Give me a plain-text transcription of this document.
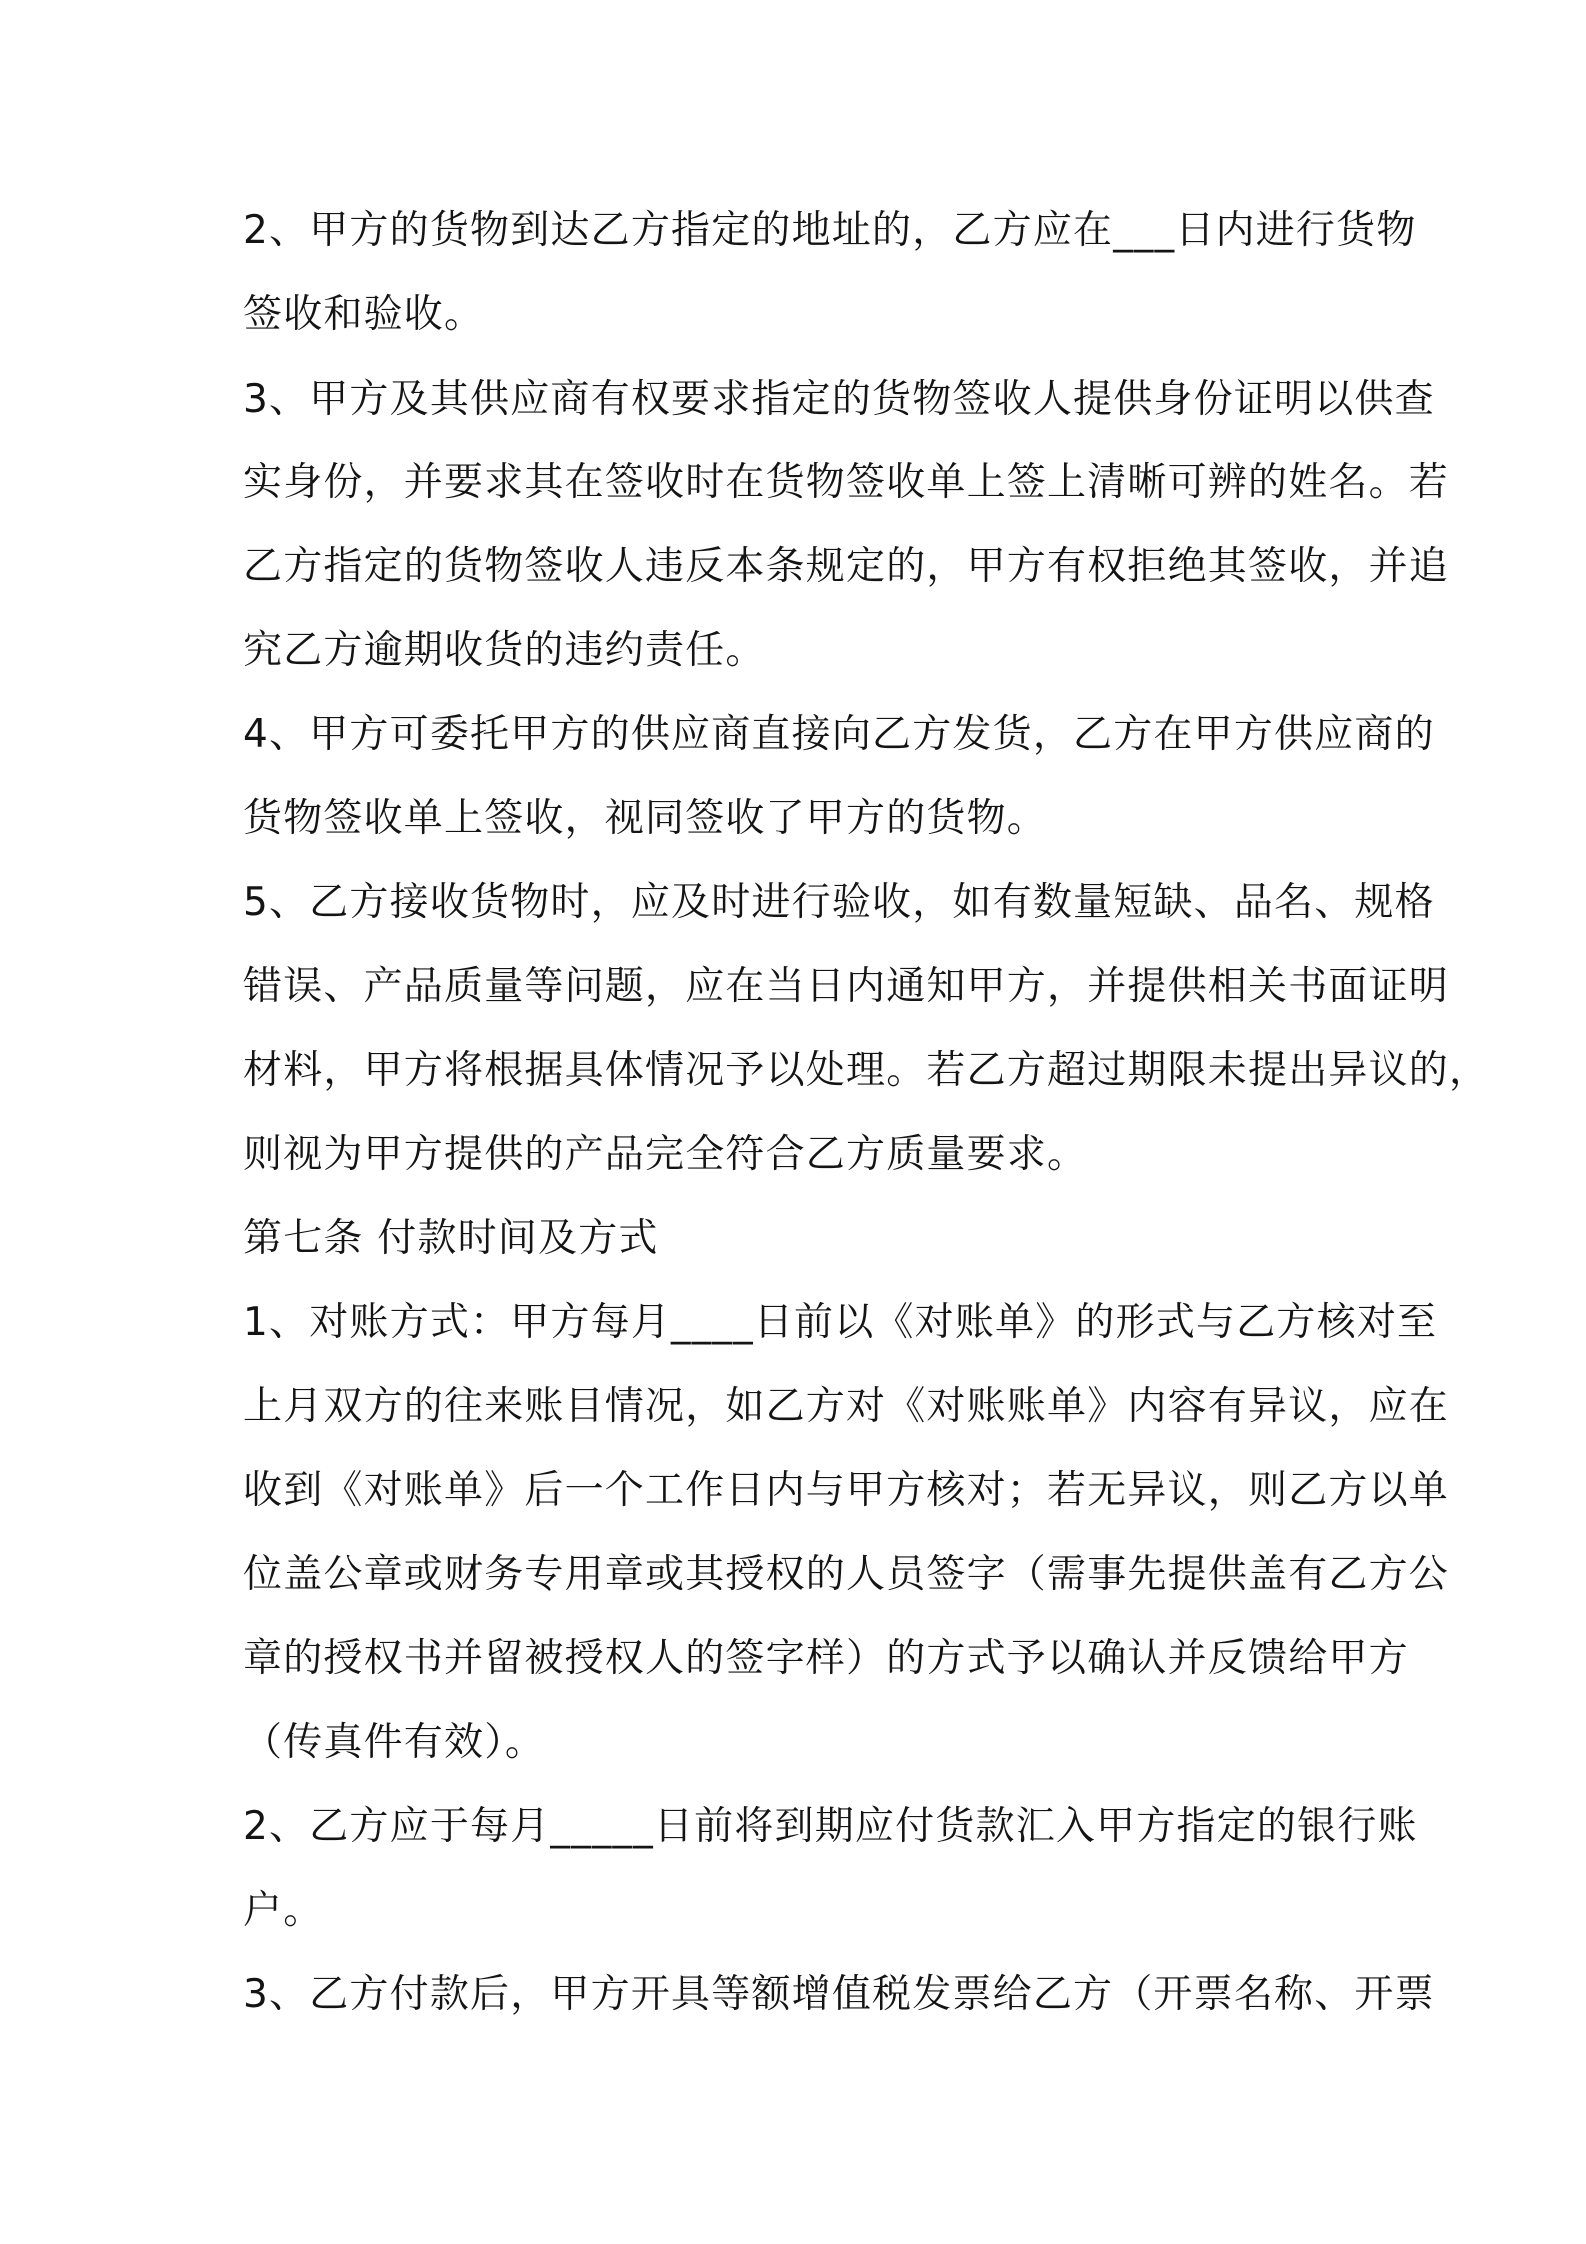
2、甲方的货物到达乙方指定的地址的，乙方应在___日内进行货物
签收和验收。
3、甲方及其供应商有权要求指定的货物签收人提供身份证明以供查
实身份，并要求其在签收时在货物签收单上签上清晰可辨的姓名。若
乙方指定的货物签收人违反本条规定的，甲方有权拒绝其签收，并追
究乙方逾期收货的违约责任。
4、甲方可委托甲方的供应商直接向乙方发货，乙方在甲方供应商的
货物签收单上签收，视同签收了甲方的货物。
5、乙方接收货物时，应及时进行验收，如有数量短缺、品名、规格
错误、产品质量等问题，应在当日内通知甲方，并提供相关书面证明
材料，甲方将根据具体情况予以处理。若乙方超过期限未提出异议的，
则视为甲方提供的产品完全符合乙方质量要求。
第七条 付款时间及方式
1、对账方式：甲方每月____日前以《对账单》的形式与乙方核对至
上月双方的往来账目情况，如乙方对《对账账单》内容有异议，应在
收到《对账单》后一个工作日内与甲方核对；若无异议，则乙方以单
位盖公章或财务专用章或其授权的人员签字（需事先提供盖有乙方公
章的授权书并留被授权人的签字样）的方式予以确认并反馈给甲方
（传真件有效）。
2、乙方应于每月_____日前将到期应付货款汇入甲方指定的银行账
户。
3、乙方付款后，甲方开具等额增值税发票给乙方（开票名称、开票
